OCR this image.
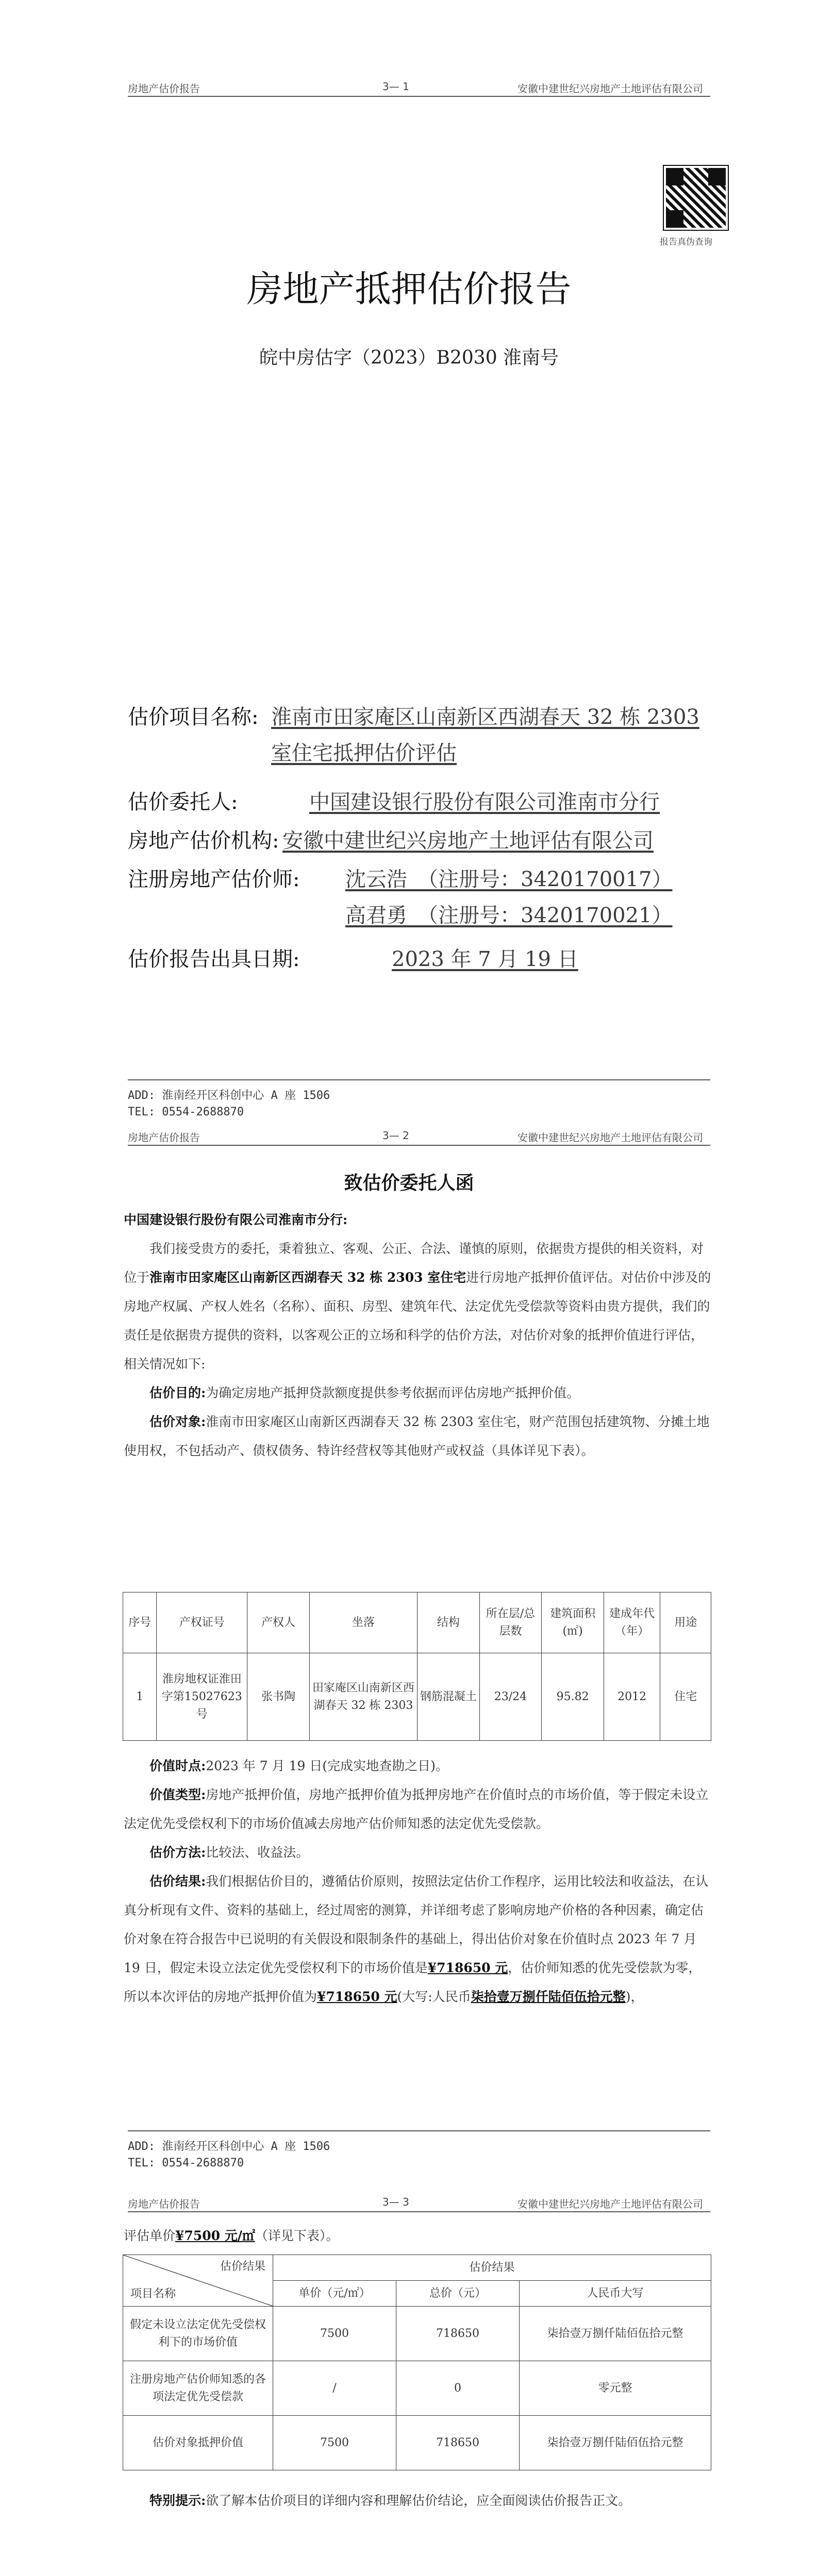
房地产估价报告	3— 1	安徽中建世纪兴房地产土地评估有限公司
报告真伪查询
房地产抵押估价报告
皖中房估字（2023）B2030 淮南号
估价项目名称: 淮南市田家庵区山南新区西湖春天 32 栋 2303
室住宅抵押估价评估
估价委托人:	中国建设银行股份有限公司淮南市分行
房地产估价机构: 安徽中建世纪兴房地产土地评估有限公司
注册房地产估价师: 沈云浩　（注册号：3420170017）
高君勇　（注册号：3420170021）
估价报告出具日期:	2023 年 7 月 19 日
ADD: 淮南经开区科创中心 A 座 1506
TEL: 0554-2688870
房地产估价报告	3— 2	安徽中建世纪兴房地产土地评估有限公司
致估价委托人函

中国建设银行股份有限公司淮南市分行:

我们接受贵方的委托，秉着独立、客观、公正、合法、谨慎的原则，依据贵方提供的相关资料，对位于淮南市田家庵区山南新区西湖春天 32 栋 2303 室住宅进行房地产抵押价值评估。对估价中涉及的房地产权属、产权人姓名（名称）、面积、房型、建筑年代、法定优先受偿款等资料由贵方提供，我们的责任是依据贵方提供的资料，以客观公正的立场和科学的估价方法，对估价对象的抵押价值进行评估，相关情况如下:

估价目的:为确定房地产抵押贷款额度提供参考依据而评估房地产抵押价值。

估价对象:淮南市田家庵区山南新区西湖春天 32 栋 2303 室住宅，财产范围包括建筑物、分摊土地使用权，不包括动产、债权债务、特许经营权等其他财产或权益（具体详见下表）。

序号	产权证号	产权人	坐落	结构	所在层/总层数	建筑面积(㎡)	建成年代（年）	用途
1	淮房地权证淮田字第15027623 号	张书陶	田家庵区山南新区西湖春天 32 栋 2303	钢筋混凝土	23/24	95.82	2012	住宅

价值时点:2023 年 7 月 19 日(完成实地查勘之日)。

价值类型:房地产抵押价值，房地产抵押价值为抵押房地产在价值时点的市场价值，等于假定未设立法定优先受偿权利下的市场价值减去房地产估价师知悉的法定优先受偿款。

估价方法:比较法、收益法。

估价结果:我们根据估价目的，遵循估价原则，按照法定估价工作程序，运用比较法和收益法，在认真分析现有文件、资料的基础上，经过周密的测算，并详细考虑了影响房地产价格的各种因素，确定估价对象在符合报告中已说明的有关假设和限制条件的基础上，得出估价对象在价值时点 2023 年 7 月 19 日，假定未设立法定优先受偿权利下的市场价值是¥718650 元，估价师知悉的优先受偿款为零，所以本次评估的房地产抵押价值为¥718650 元(大写:人民币柒拾壹万捌仟陆佰伍拾元整)，

ADD: 淮南经开区科创中心 A 座 1506
TEL: 0554-2688870
房地产估价报告	3— 3	安徽中建世纪兴房地产土地评估有限公司

评估单价¥7500 元/㎡（详见下表）。

估价结果
项目名称	估价结果		
	单价（元/㎡）	总价（元）	人民币大写
假定未设立法定优先受偿权利下的市场价值	7500	718650	柒拾壹万捌仟陆佰伍拾元整
注册房地产估价师知悉的各项法定优先受偿款	/	0	零元整
估价对象抵押价值	7500	718650	柒拾壹万捌仟陆佰伍拾元整

特别提示:欲了解本估价项目的详细内容和理解估价结论，应全面阅读估价报告正文。
